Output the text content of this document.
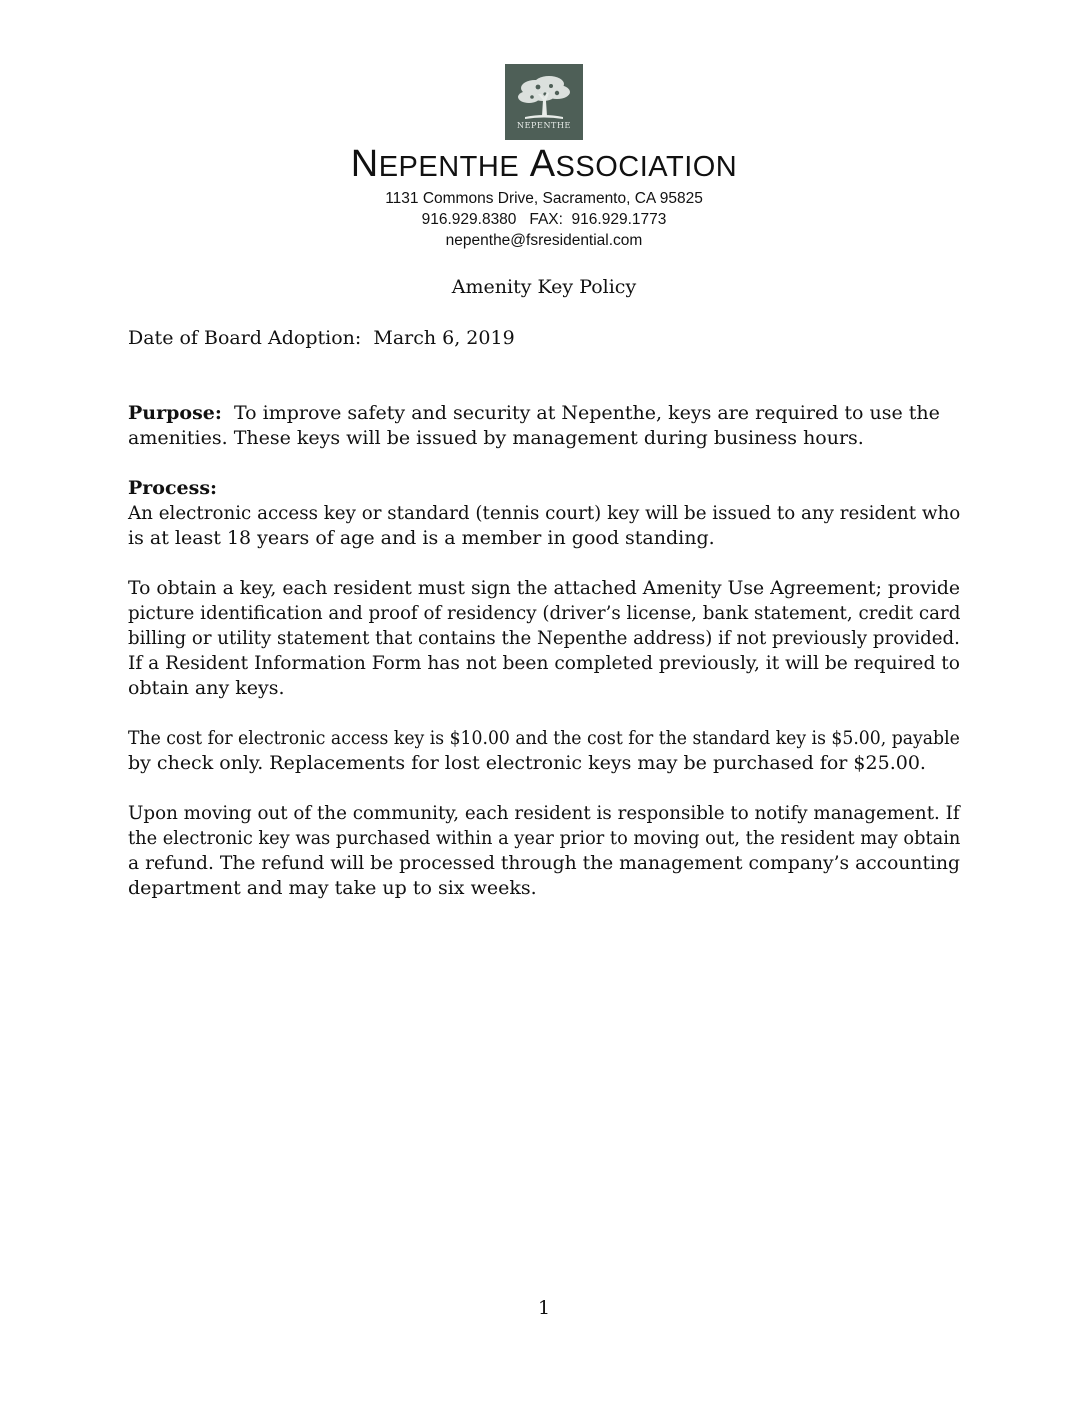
NEPENTHE
NEPENTHE ASSOCIATION
1131 Commons Drive, Sacramento, CA 95825
916.929.8380   FAX:  916.929.1773
nepenthe@fsresidential.com
Amenity Key Policy
Date of Board Adoption:  March 6, 2019
Purpose:  To improve safety and security at Nepenthe, keys are required to use the
amenities. These keys will be issued by management during business hours.
Process:
An electronic access key or standard (tennis court) key will be issued to any resident who
is at least 18 years of age and is a member in good standing.
To obtain a key, each resident must sign the attached Amenity Use Agreement; provide
picture identification and proof of residency (driver’s license, bank statement, credit card
billing or utility statement that contains the Nepenthe address) if not previously provided.
If a Resident Information Form has not been completed previously, it will be required to
obtain any keys.
The cost for electronic access key is $10.00 and the cost for the standard key is $5.00, payable
by check only. Replacements for lost electronic keys may be purchased for $25.00.
Upon moving out of the community, each resident is responsible to notify management. If
the electronic key was purchased within a year prior to moving out, the resident may obtain
a refund. The refund will be processed through the management company’s accounting
department and may take up to six weeks.
1
